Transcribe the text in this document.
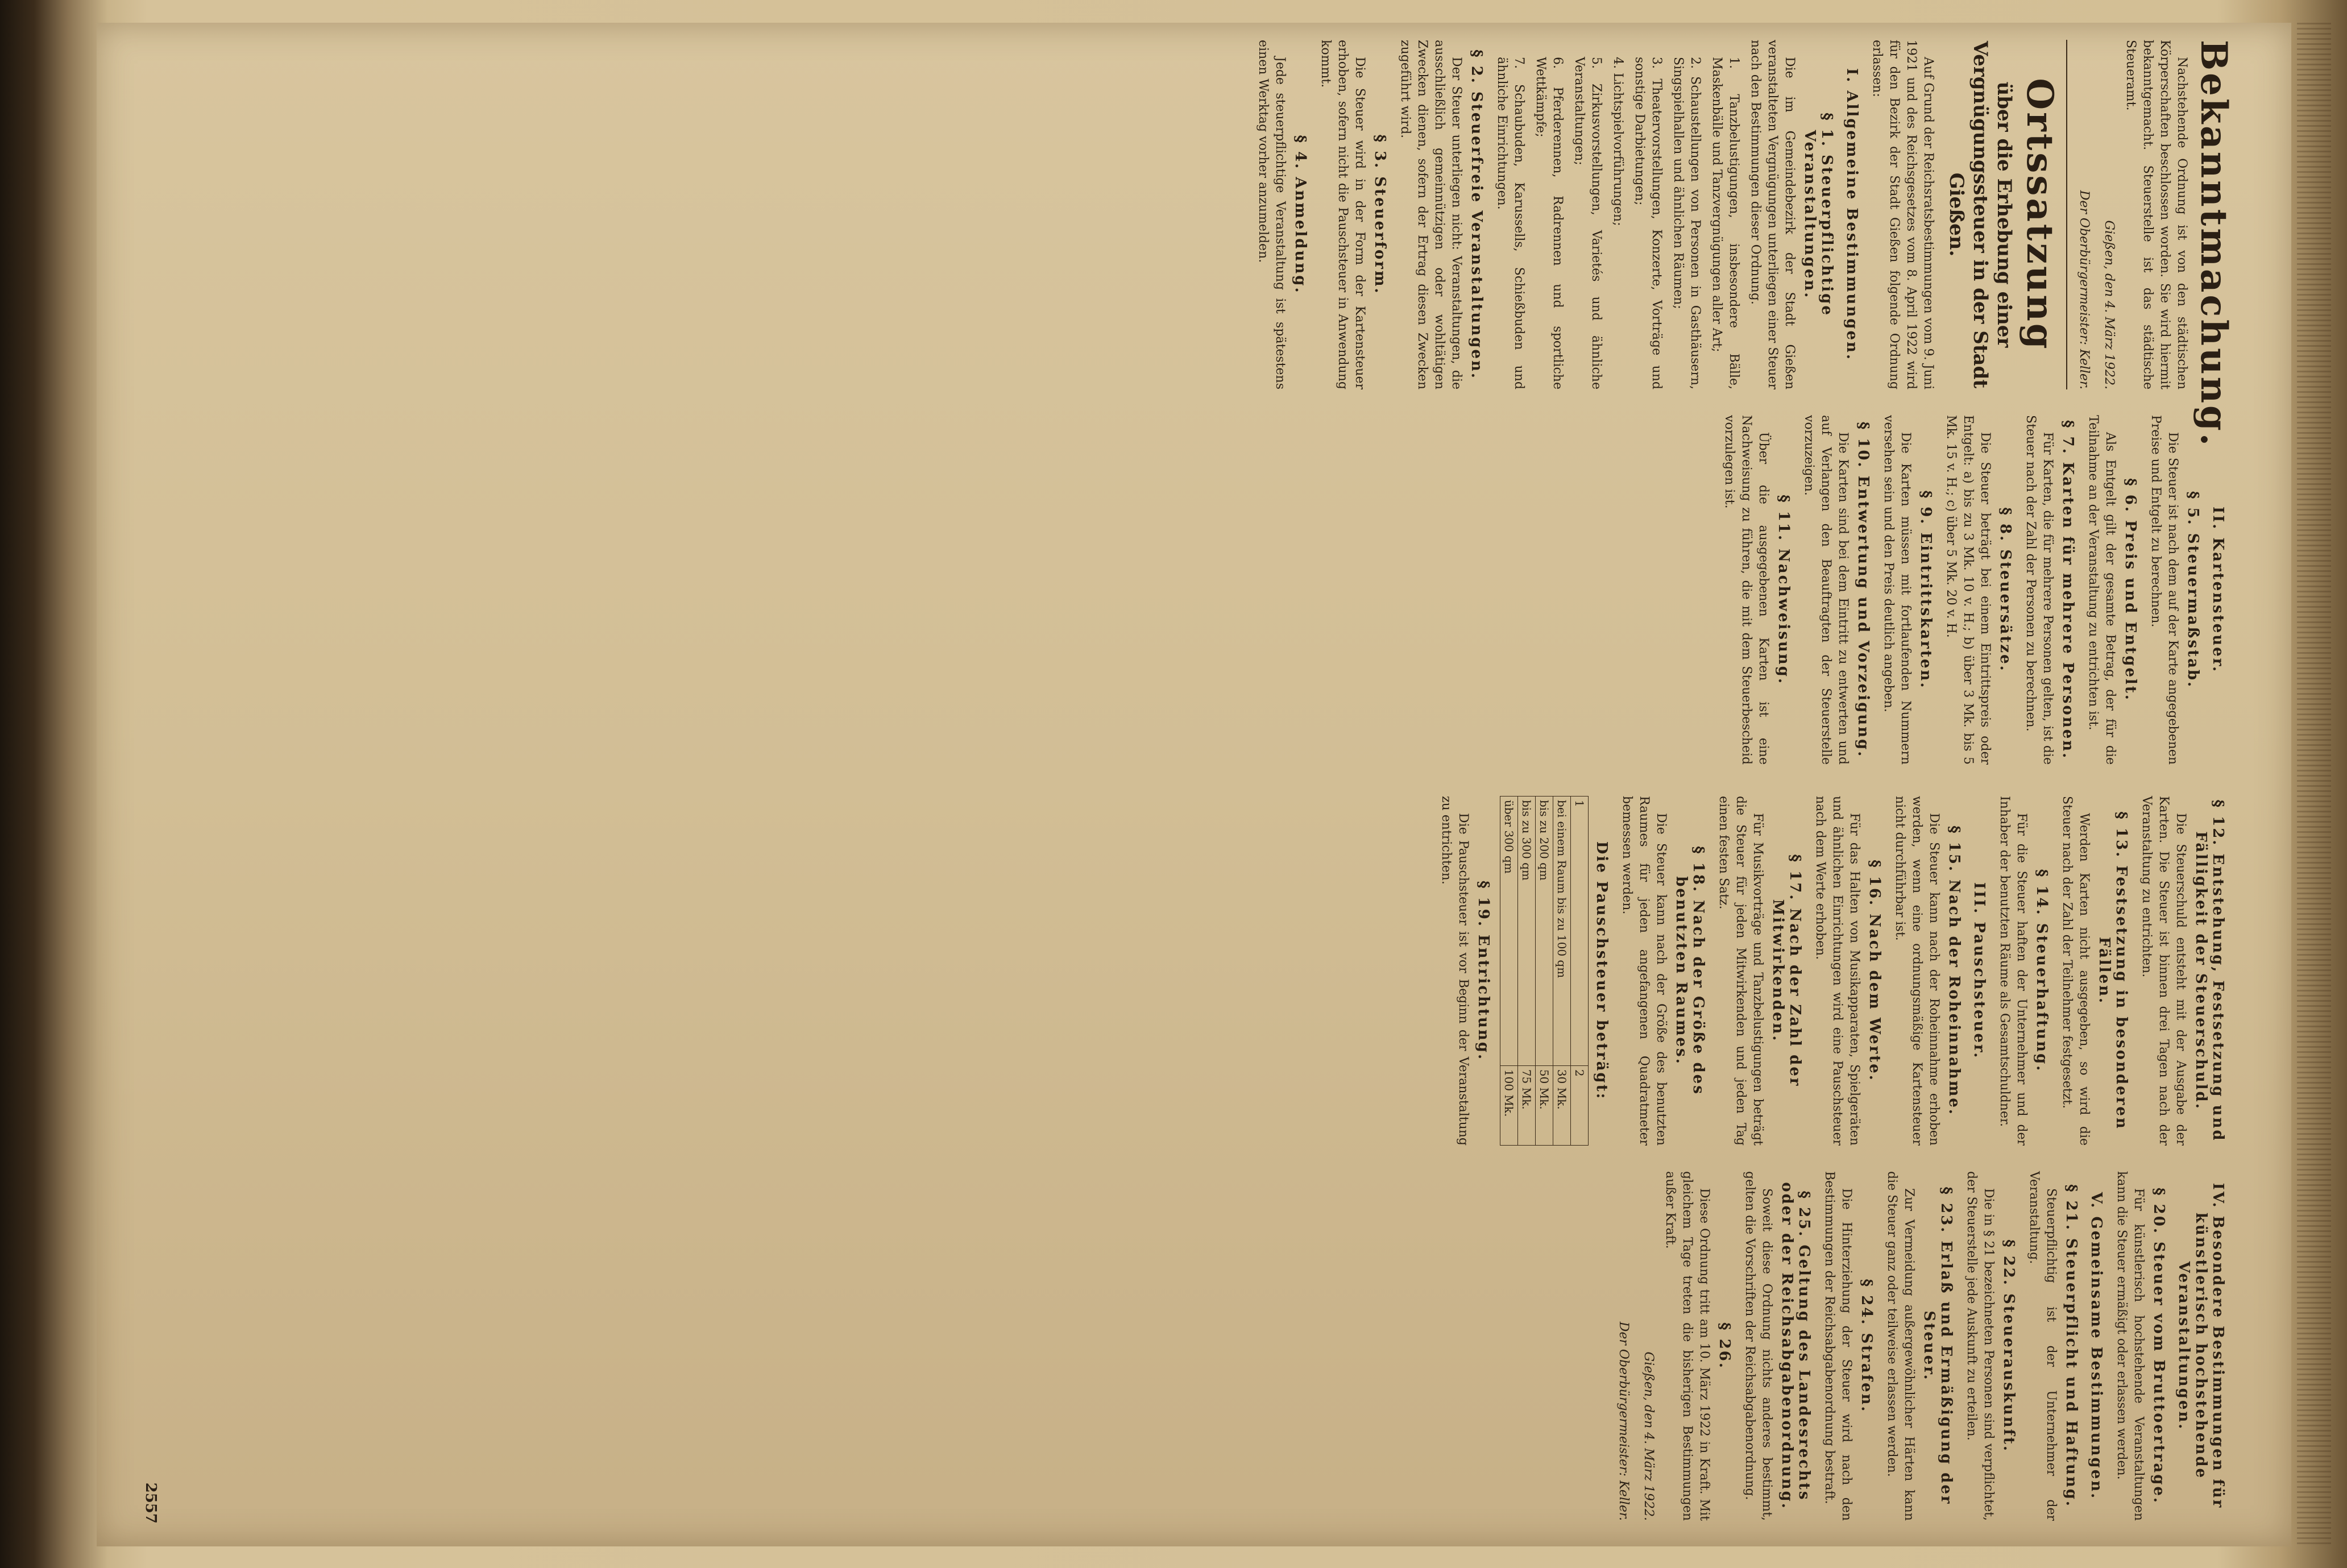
Bekanntmachung.

Nachstehende Ordnung ist von den städtischen Körperschaften beschlossen worden. Sie wird hiermit bekanntgemacht. Steuerstelle ist das städtische Steueramt.

Gießen, den 4. März 1922.

Der Oberbürgermeister: Keller.

Ortssatzung

über die Erhebung einer Vergnügungssteuer in der Stadt Gießen.

Auf Grund der Reichsratsbestimmungen vom 9. Juni 1921 und des Reichsgesetzes vom 8. April 1922 wird für den Bezirk der Stadt Gießen folgende Ordnung erlassen:

I. Allgemeine Bestimmungen.

§ 1. Steuerpflichtige Veranstaltungen.

Die im Gemeindebezirk der Stadt Gießen veranstalteten Vergnügungen unterliegen einer Steuer nach den Bestimmungen dieser Ordnung.

1. Tanzbelustigungen, insbesondere Bälle, Maskenbälle und Tanzvergnügungen aller Art;

2. Schaustellungen von Personen in Gasthäusern, Singspielhallen und ähnlichen Räumen;

3. Theatervorstellungen, Konzerte, Vorträge und sonstige Darbietungen;

4. Lichtspielvorführungen;

5. Zirkusvorstellungen, Varietés und ähnliche Veranstaltungen;

6. Pferderennen, Radrennen und sportliche Wettkämpfe;

7. Schaubuden, Karussells, Schießbuden und ähnliche Einrichtungen.

§ 2. Steuerfreie Veranstaltungen.

Der Steuer unterliegen nicht: Veranstaltungen, die ausschließlich gemeinnützigen oder wohltätigen Zwecken dienen, sofern der Ertrag diesen Zwecken zugeführt wird.

§ 3. Steuerform.

Die Steuer wird in der Form der Kartensteuer erhoben, sofern nicht die Pauschsteuer in Anwendung kommt.

§ 4. Anmeldung.

Jede steuerpflichtige Veranstaltung ist spätestens einen Werktag vorher anzumelden.

II. Kartensteuer.

§ 5. Steuermaßstab.

Die Steuer ist nach dem auf der Karte angegebenen Preise und Entgelt zu berechnen.

§ 6. Preis und Entgelt.

Als Entgelt gilt der gesamte Betrag, der für die Teilnahme an der Veranstaltung zu entrichten ist.

§ 7. Karten für mehrere Personen.

Für Karten, die für mehrere Personen gelten, ist die Steuer nach der Zahl der Personen zu berechnen.

§ 8. Steuersätze.

Die Steuer beträgt bei einem Eintrittspreis oder Entgelt: a) bis zu 3 Mk. 10 v. H.; b) über 3 Mk. bis 5 Mk. 15 v. H.; c) über 5 Mk. 20 v. H.

§ 9. Eintrittskarten.

Die Karten müssen mit fortlaufenden Nummern versehen sein und den Preis deutlich angeben.

§ 10. Entwertung und Vorzeigung.

Die Karten sind bei dem Eintritt zu entwerten und auf Verlangen den Beauftragten der Steuerstelle vorzuzeigen.

§ 11. Nachweisung.

Über die ausgegebenen Karten ist eine Nachweisung zu führen, die mit dem Steuerbescheid vorzulegen ist.

§ 12. Entstehung, Festsetzung und Fälligkeit der Steuerschuld.

Die Steuerschuld entsteht mit der Ausgabe der Karten. Die Steuer ist binnen drei Tagen nach der Veranstaltung zu entrichten.

§ 13. Festsetzung in besonderen Fällen.

Werden Karten nicht ausgegeben, so wird die Steuer nach der Zahl der Teilnehmer festgesetzt.

§ 14. Steuerhaftung.

Für die Steuer haften der Unternehmer und der Inhaber der benutzten Räume als Gesamtschuldner.

III. Pauschsteuer.

§ 15. Nach der Roheinnahme.

Die Steuer kann nach der Roheinnahme erhoben werden, wenn eine ordnungsmäßige Kartensteuer nicht durchführbar ist.

§ 16. Nach dem Werte.

Für das Halten von Musikapparaten, Spielgeräten und ähnlichen Einrichtungen wird eine Pauschsteuer nach dem Werte erhoben.

§ 17. Nach der Zahl der Mitwirkenden.

Für Musikvorträge und Tanzbelustigungen beträgt die Steuer für jeden Mitwirkenden und jeden Tag einen festen Satz.

§ 18. Nach der Größe des benutzten Raumes.

Die Steuer kann nach der Größe des benutzten Raumes für jeden angefangenen Quadratmeter bemessen werden.

Die Pauschsteuer beträgt:

1	2
bei einem Raum bis zu 100 qm	30 Mk.
bis zu 200 qm	50 Mk.
bis zu 300 qm	75 Mk.
über 300 qm	100 Mk.

§ 19. Entrichtung.

Die Pauschsteuer ist vor Beginn der Veranstaltung zu entrichten.

IV. Besondere Bestimmungen für künstlerisch hochstehende Veranstaltungen.

§ 20. Steuer vom Bruttoertrage.

Für künstlerisch hochstehende Veranstaltungen kann die Steuer ermäßigt oder erlassen werden.

V. Gemeinsame Bestimmungen.

§ 21. Steuerpflicht und Haftung.

Steuerpflichtig ist der Unternehmer der Veranstaltung.

§ 22. Steuerauskunft.

Die in § 21 bezeichneten Personen sind verpflichtet, der Steuerstelle jede Auskunft zu erteilen.

§ 23. Erlaß und Ermäßigung der Steuer.

Zur Vermeidung außergewöhnlicher Härten kann die Steuer ganz oder teilweise erlassen werden.

§ 24. Strafen.

Die Hinterziehung der Steuer wird nach den Bestimmungen der Reichsabgabenordnung bestraft.

§ 25. Geltung des Landesrechts oder der Reichsabgabenordnung.

Soweit diese Ordnung nichts anderes bestimmt, gelten die Vorschriften der Reichsabgabenordnung.

§ 26.

Diese Ordnung tritt am 10. März 1922 in Kraft. Mit gleichem Tage treten die bisherigen Bestimmungen außer Kraft.

Gießen, den 4. März 1922.

Der Oberbürgermeister: Keller.

2557
